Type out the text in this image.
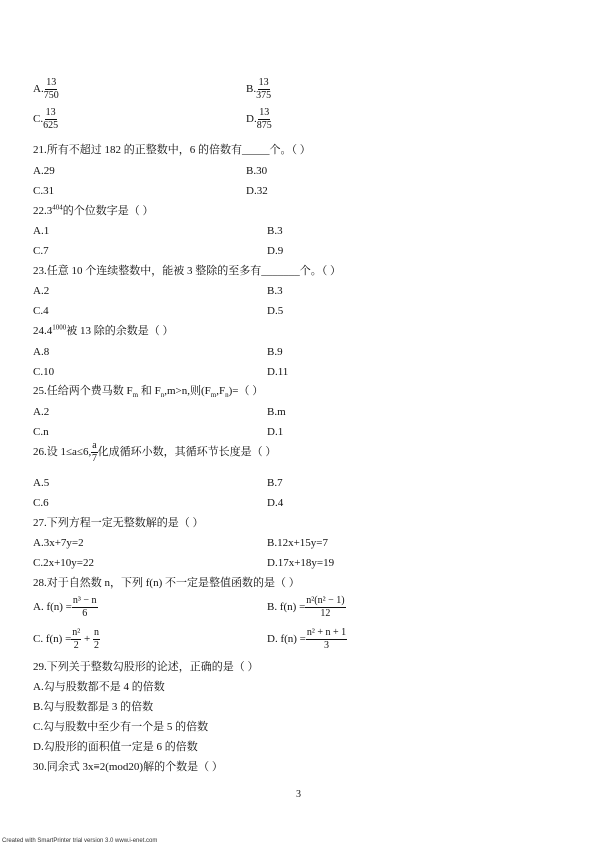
A. $\frac{13}{750}$	B. $\frac{13}{375}$
C. $\frac{13}{625}$	D. $\frac{13}{875}$
21.所有不超过 182 的正整数中，6 的倍数有_____个。（ ）
A.29	B.30
C.31	D.32
22.3$^{404}$的个位数字是（ ）
A.1	B.3
C.7	D.9
23.任意 10 个连续整数中，能被 3 整除的至多有_______个。（ ）
A.2	B.3
C.4	D.5
$24.4^{1000}$被 13 除的余数是（ ）
A.8	B.9
C.10	D.11
25.任给两个费马数 $F_m$ 和 $F_n,m>n$,则$(F_m,F_n)=$（ ）
A.2	B.m
C.n	D.1
26.设 1≤a≤6, $\frac{a}{7}$ 化成循环小数，其循环节长度是（ ）
A.5	B.7
C.6	D.4
27.下列方程一定无整数解的是（ ）
A.3x+7y=2	B.12x+15y=7
C.2x+10y=22	D.17x+18y=19
28.对于自然数 n，下列 f(n) 不一定是整值函数的是（ ）
A. $f(n) = \frac{\text{n³ − n}}{6}$	B. $f(n) = \frac{\text{n²(n² − 1)}}{12}$
C. $f(n) = \frac{\text{n²}}{2} + \frac{n}{2}$	D. $f(n) = \frac{\text{n² + n + 1}}{3}$
29.下列关于整数勾股形的论述，正确的是（ ）
A.勾与股数都不是 4 的倍数
B.勾与股数都是 3 的倍数
C.勾与股数中至少有一个是 5 的倍数
D.勾股形的面积值一定是 6 的倍数
30.同余式 3x≡2(mod20)解的个数是（ ）
3
Created with SmartPrinter trial version 3.0 www.i-enet.com
